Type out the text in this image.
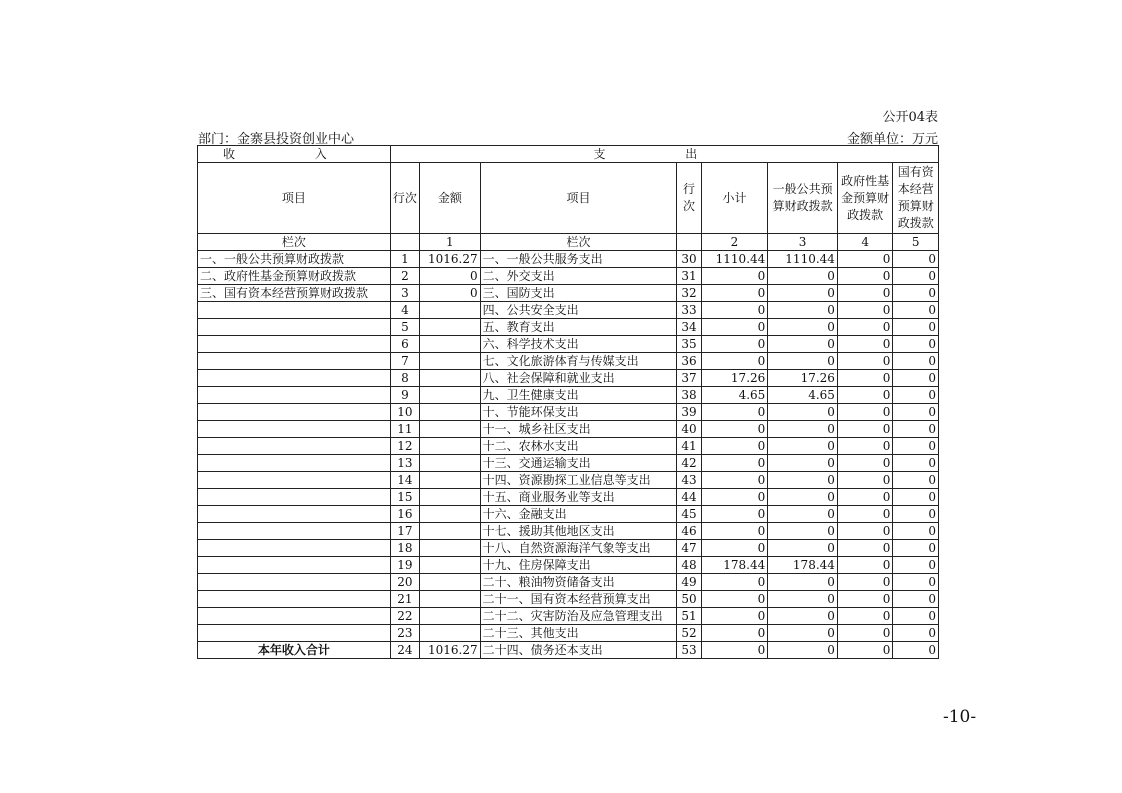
公开04表
部门：金寨县投资创业中心	金额单位：万元
收 入	支 出							
项目	行次	金额	项目	行次	小计	一般公共预算财政拨款	政府性基金预算财政拨款	国有资本经营预算财政拨款
栏次		1	栏次		2	3	4	5
一、一般公共预算财政拨款	1	1016.27	一、一般公共服务支出	30	1110.44	1110.44	0	0
二、政府性基金预算财政拨款	2	0	二、外交支出	31	0	0	0	0
三、国有资本经营预算财政拨款	3	0	三、国防支出	32	0	0	0	0
	4		四、公共安全支出	33	0	0	0	0
	5		五、教育支出	34	0	0	0	0
	6		六、科学技术支出	35	0	0	0	0
	7		七、文化旅游体育与传媒支出	36	0	0	0	0
	8		八、社会保障和就业支出	37	17.26	17.26	0	0
	9		九、卫生健康支出	38	4.65	4.65	0	0
	10		十、节能环保支出	39	0	0	0	0
	11		十一、城乡社区支出	40	0	0	0	0
	12		十二、农林水支出	41	0	0	0	0
	13		十三、交通运输支出	42	0	0	0	0
	14		十四、资源勘探工业信息等支出	43	0	0	0	0
	15		十五、商业服务业等支出	44	0	0	0	0
	16		十六、金融支出	45	0	0	0	0
	17		十七、援助其他地区支出	46	0	0	0	0
	18		十八、自然资源海洋气象等支出	47	0	0	0	0
	19		十九、住房保障支出	48	178.44	178.44	0	0
	20		二十、粮油物资储备支出	49	0	0	0	0
	21		二十一、国有资本经营预算支出	50	0	0	0	0
	22		二十二、灾害防治及应急管理支出	51	0	0	0	0
	23		二十三、其他支出	52	0	0	0	0
本年收入合计	24	1016.27	二十四、债务还本支出	53	0	0	0	0
-10-
